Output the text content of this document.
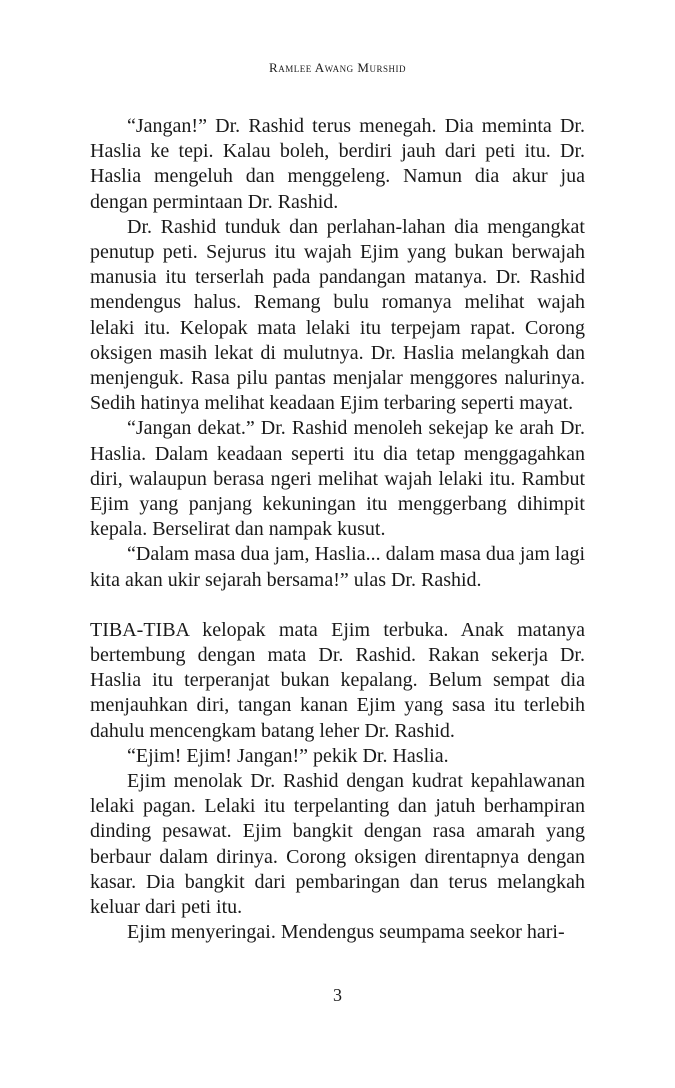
Ramlee Awang Murshid

“Jangan!” Dr. Rashid terus menegah. Dia meminta Dr. Haslia ke tepi. Kalau boleh, berdiri jauh dari peti itu. Dr. Haslia mengeluh dan menggeleng. Namun dia akur jua dengan permintaan Dr. Rashid.

Dr. Rashid tunduk dan perlahan-lahan dia mengangkat penutup peti. Sejurus itu wajah Ejim yang bukan berwajah manusia itu terserlah pada pandangan matanya. Dr. Rashid mendengus halus. Remang bulu romanya melihat wajah lelaki itu. Kelopak mata lelaki itu terpejam rapat. Corong oksigen masih lekat di mulutnya. Dr. Haslia melangkah dan menjenguk. Rasa pilu pantas menjalar menggores nalurinya. Sedih hatinya melihat keadaan Ejim terbaring seperti mayat.

“Jangan dekat.” Dr. Rashid menoleh sekejap ke arah Dr. Haslia. Dalam keadaan seperti itu dia tetap menggagahkan diri, walaupun berasa ngeri melihat wajah lelaki itu. Rambut Ejim yang panjang kekuningan itu menggerbang dihimpit kepala. Berselirat dan nampak kusut.

“Dalam masa dua jam, Haslia... dalam masa dua jam lagi kita akan ukir sejarah bersama!” ulas Dr. Rashid.

TIBA-TIBA kelopak mata Ejim terbuka. Anak matanya bertembung dengan mata Dr. Rashid. Rakan sekerja Dr. Haslia itu terperanjat bukan kepalang. Belum sempat dia menjauhkan diri, tangan kanan Ejim yang sasa itu terlebih dahulu mencengkam batang leher Dr. Rashid.

“Ejim! Ejim! Jangan!” pekik Dr. Haslia.

Ejim menolak Dr. Rashid dengan kudrat kepahlawanan lelaki pagan. Lelaki itu terpelanting dan jatuh berhampiran dinding pesawat. Ejim bangkit dengan rasa amarah yang berbaur dalam dirinya. Corong oksigen direntapnya dengan kasar. Dia bangkit dari pembaringan dan terus melangkah keluar dari peti itu.

Ejim menyeringai. Mendengus seumpama seekor hari-

3
